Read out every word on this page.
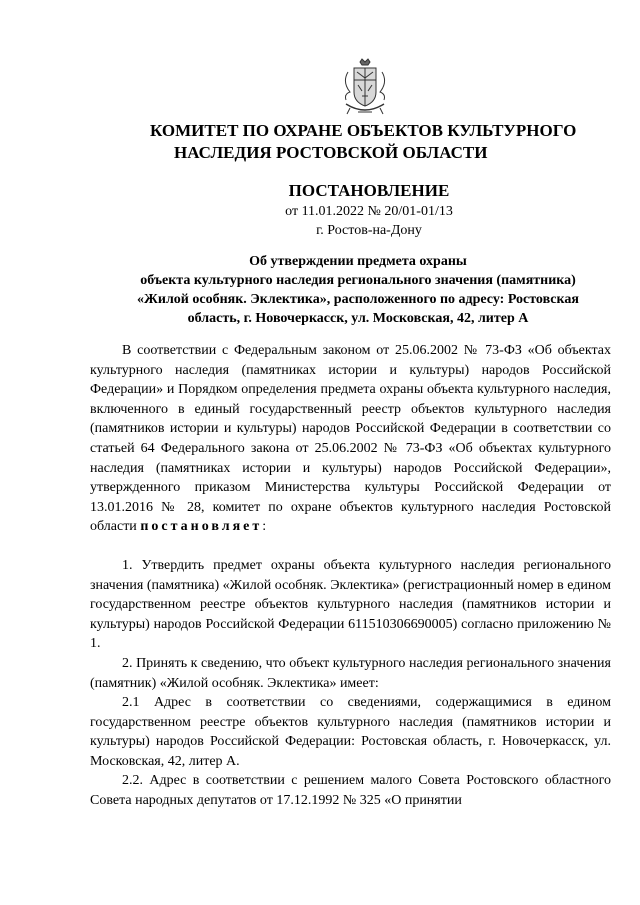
КОМИТЕТ ПО ОХРАНЕ ОБЪЕКТОВ КУЛЬТУРНОГО
НАСЛЕДИЯ РОСТОВСКОЙ ОБЛАСТИ
ПОСТАНОВЛЕНИЕ
от 11.01.2022 № 20/01-01/13
г. Ростов-на-Дону
Об утверждении предмета охраны
объекта культурного наследия регионального значения (памятника)
«Жилой особняк. Эклектика», расположенного по адресу: Ростовская
область, г. Новочеркасск, ул. Московская, 42, литер А

В соответствии с Федеральным законом от 25.06.2002 № 73-ФЗ «Об объектах культурного наследия (памятниках истории и культуры) народов Российской Федерации» и Порядком определения предмета охраны объекта культурного наследия, включенного в единый государственный реестр объектов культурного наследия (памятников истории и культуры) народов Российской Федерации в соответствии со статьей 64 Федерального закона от 25.06.2002 № 73-ФЗ «Об объектах культурного наследия (памятниках истории и культуры) народов Российской Федерации», утвержденного приказом Министерства культуры Российской Федерации от 13.01.2016 № 28, комитет по охране объектов культурного наследия Ростовской области постановляет:

1. Утвердить предмет охраны объекта культурного наследия регионального значения (памятника) «Жилой особняк. Эклектика» (регистрационный номер в едином государственном реестре объектов культурного наследия (памятников истории и культуры) народов Российской Федерации 611510306690005) согласно приложению № 1.

2. Принять к сведению, что объект культурного наследия регионального значения (памятник) «Жилой особняк. Эклектика» имеет:

2.1 Адрес в соответствии со сведениями, содержащимися в едином государственном реестре объектов культурного наследия (памятников истории и культуры) народов Российской Федерации: Ростовская область, г. Новочеркасск, ул. Московская, 42, литер А.

2.2. Адрес в соответствии с решением малого Совета Ростовского областного Совета народных депутатов от 17.12.1992 № 325 «О принятии
